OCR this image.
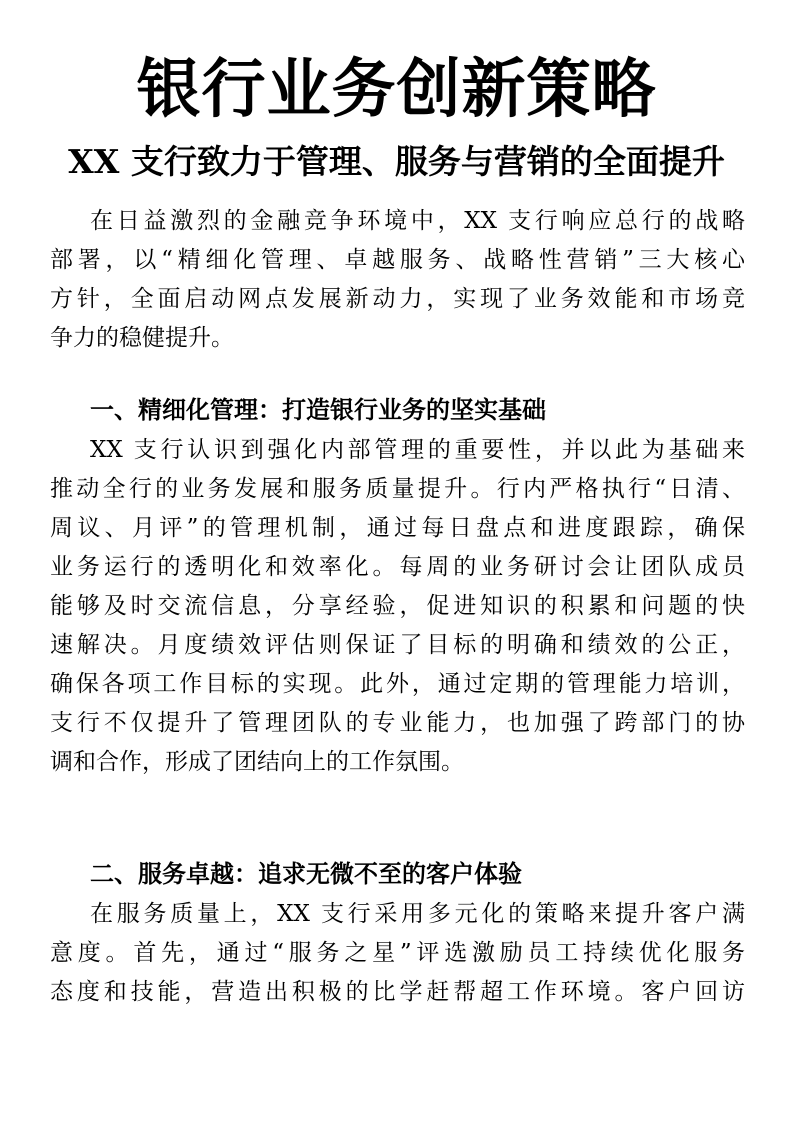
银行业务创新策略
XX 支行致力于管理、服务与营销的全面提升
在日益激烈的金融竞争环境中，XX 支行响应总行的战略
部署，以“精细化管理、卓越服务、战略性营销”三大核心
方针，全面启动网点发展新动力，实现了业务效能和市场竞
争力的稳健提升。
一、精细化管理：打造银行业务的坚实基础
XX 支行认识到强化内部管理的重要性，并以此为基础来
推动全行的业务发展和服务质量提升。行内严格执行“日清、
周议、月评”的管理机制，通过每日盘点和进度跟踪，确保
业务运行的透明化和效率化。每周的业务研讨会让团队成员
能够及时交流信息，分享经验，促进知识的积累和问题的快
速解决。月度绩效评估则保证了目标的明确和绩效的公正，
确保各项工作目标的实现。此外，通过定期的管理能力培训，
支行不仅提升了管理团队的专业能力，也加强了跨部门的协
调和合作，形成了团结向上的工作氛围。
二、服务卓越：追求无微不至的客户体验
在服务质量上，XX 支行采用多元化的策略来提升客户满
意度。首先，通过“服务之星”评选激励员工持续优化服务
态度和技能，营造出积极的比学赶帮超工作环境。客户回访
